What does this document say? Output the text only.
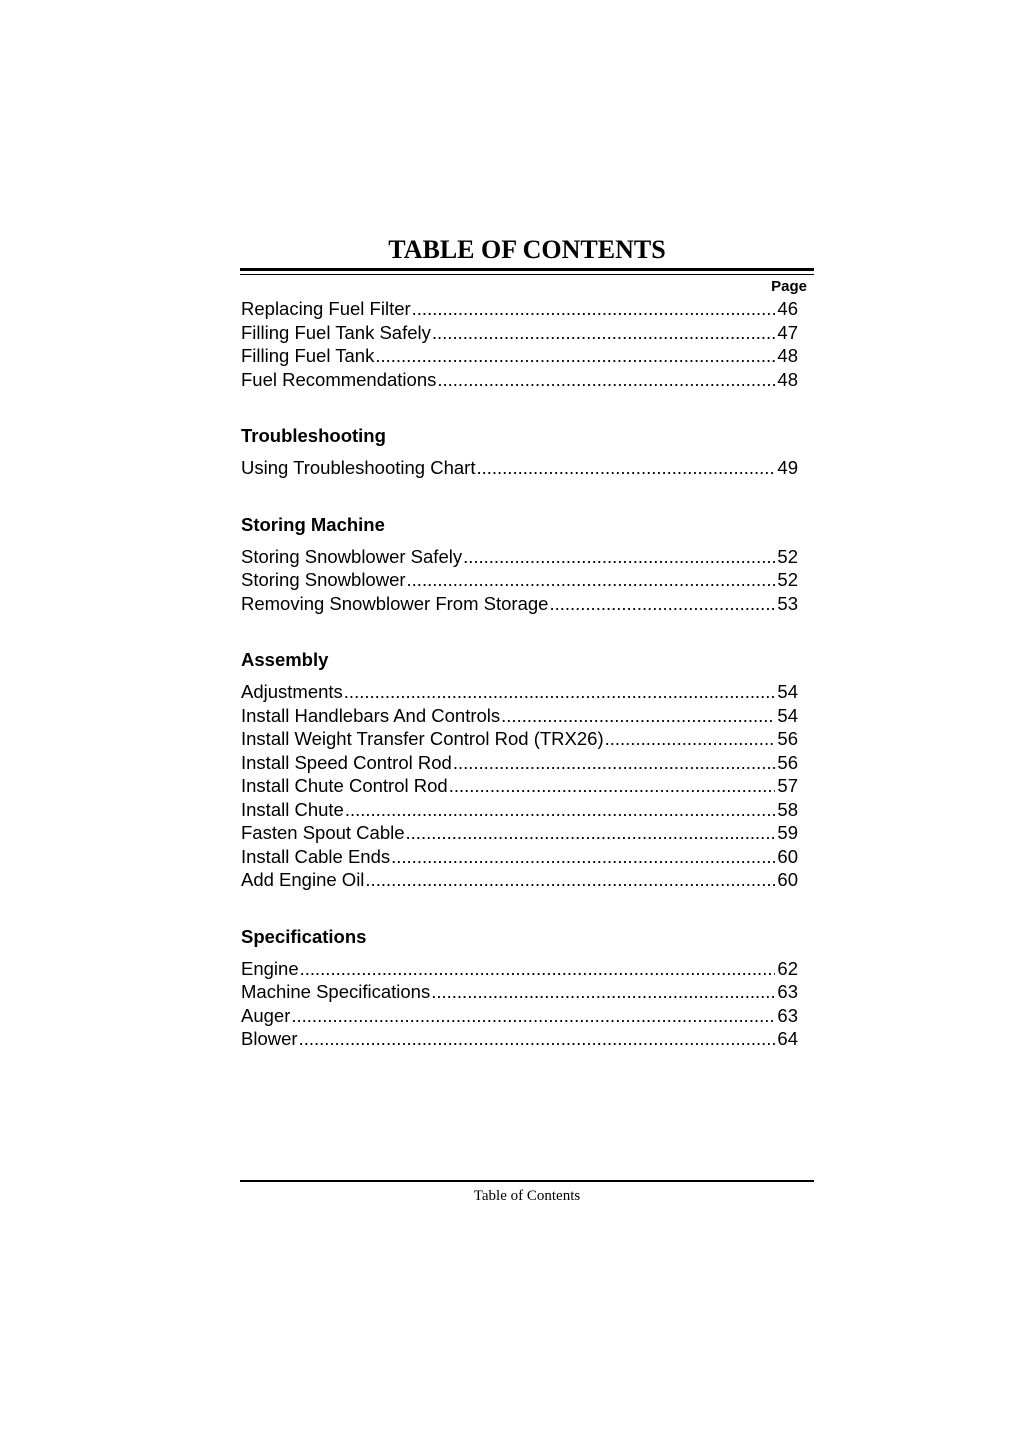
TABLE OF CONTENTS
Page
Replacing Fuel Filter .....	46
Filling Fuel Tank Safely .....	47
Filling Fuel Tank .....	48
Fuel Recommendations .....	48
Troubleshooting
Using Troubleshooting Chart .....	49
Storing Machine
Storing Snowblower Safely .....	52
Storing Snowblower .....	52
Removing Snowblower From Storage .....	53
Assembly
Adjustments .....	54
Install Handlebars And Controls .....	54
Install Weight Transfer Control Rod (TRX26) .....	56
Install Speed Control Rod .....	56
Install Chute Control Rod .....	57
Install Chute .....	58
Fasten Spout Cable .....	59
Install Cable Ends .....	60
Add Engine Oil .....	60
Specifications
Engine .....	62
Machine Specifications .....	63
Auger .....	63
Blower .....	64
Table of Contents
